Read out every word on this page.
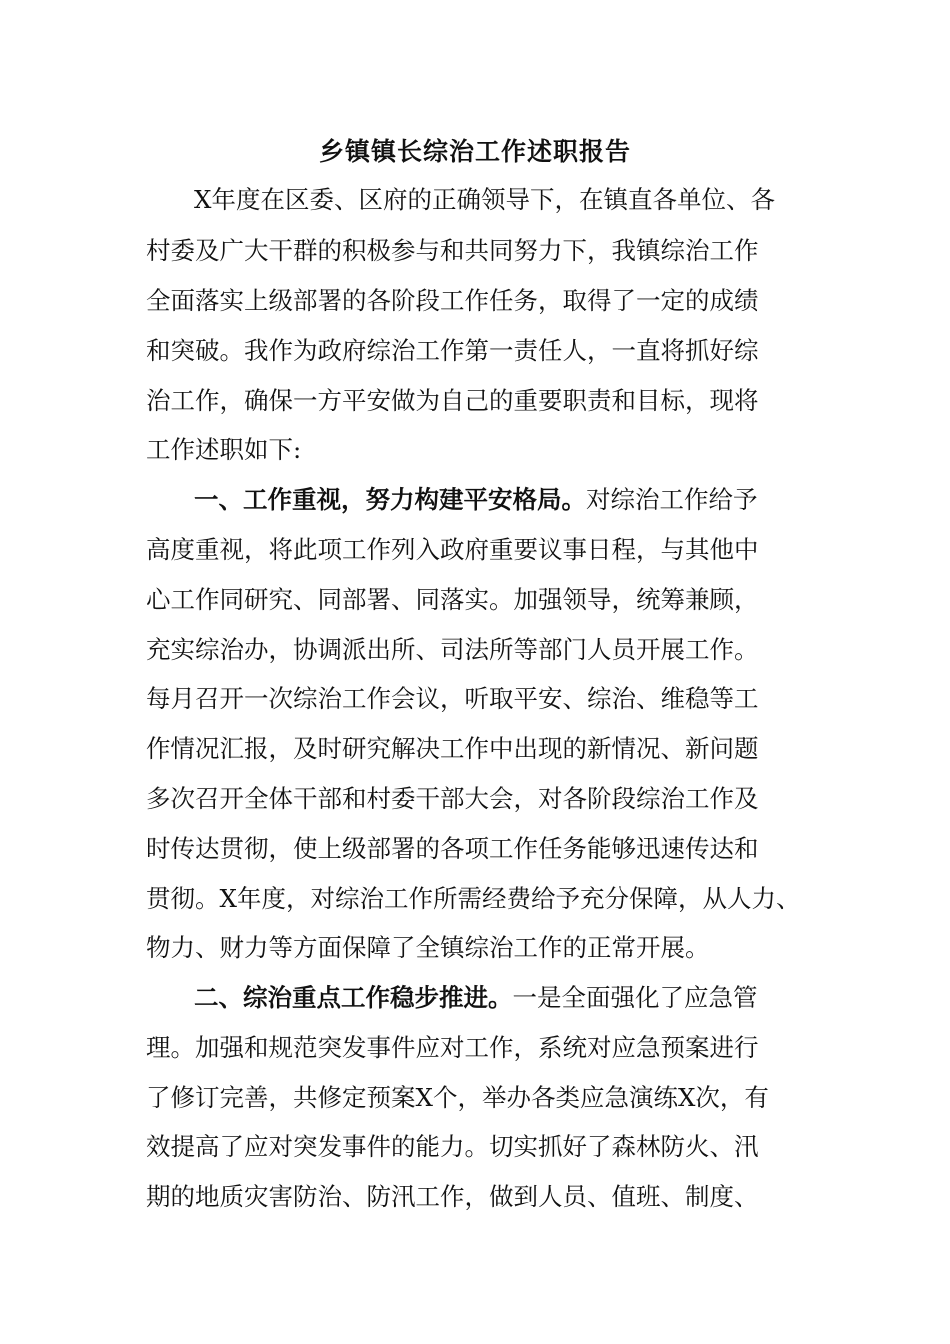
乡镇镇长综治工作述职报告

X年度在区委、区府的正确领导下，在镇直各单位、各

村委及广大干群的积极参与和共同努力下，我镇综治工作

全面落实上级部署的各阶段工作任务，取得了一定的成绩

和突破。我作为政府综治工作第一责任人，一直将抓好综

治工作，确保一方平安做为自己的重要职责和目标，现将

工作述职如下:

一、工作重视，努力构建平安格局。对综治工作给予

高度重视，将此项工作列入政府重要议事日程，与其他中

心工作同研究、同部署、同落实。加强领导，统筹兼顾，

充实综治办，协调派出所、司法所等部门人员开展工作。

每月召开一次综治工作会议，听取平安、综治、维稳等工

作情况汇报，及时研究解决工作中出现的新情况、新问题

多次召开全体干部和村委干部大会，对各阶段综治工作及

时传达贯彻，使上级部署的各项工作任务能够迅速传达和

贯彻。X年度，对综治工作所需经费给予充分保障，从人力、

物力、财力等方面保障了全镇综治工作的正常开展。

二、综治重点工作稳步推进。一是全面强化了应急管

理。加强和规范突发事件应对工作，系统对应急预案进行

了修订完善，共修定预案X个，举办各类应急演练X次，有

效提高了应对突发事件的能力。切实抓好了森林防火、汛

期的地质灾害防治、防汛工作，做到人员、值班、制度、
